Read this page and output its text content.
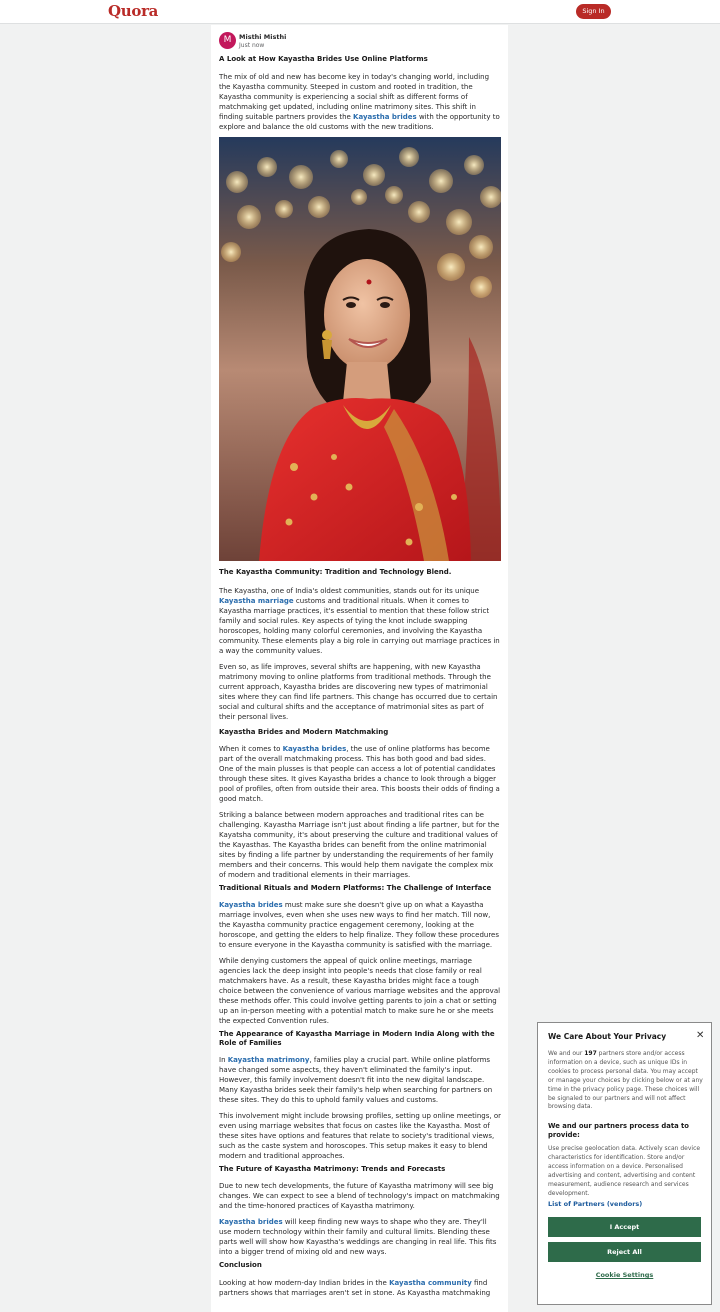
Quora	Sign In
M	Misthi Misthi
Just now
A Look at How Kayastha Brides Use Online Platforms

The mix of old and new has become key in today's changing world, including the Kayastha community. Steeped in custom and rooted in tradition, the Kayastha community is experiencing a social shift as different forms of matchmaking get updated, including online matrimony sites. This shift in finding suitable partners provides the Kayastha brides with the opportunity to explore and balance the old customs with the new traditions.

The Kayastha Community: Tradition and Technology Blend.

The Kayastha, one of India's oldest communities, stands out for its unique Kayastha marriage customs and traditional rituals. When it comes to Kayastha marriage practices, it's essential to mention that these follow strict family and social rules. Key aspects of tying the knot include swapping horoscopes, holding many colorful ceremonies, and involving the Kayastha community. These elements play a big role in carrying out marriage practices in a way the community values.

Even so, as life improves, several shifts are happening, with new Kayastha matrimony moving to online platforms from traditional methods. Through the current approach, Kayastha brides are discovering new types of matrimonial sites where they can find life partners. This change has occurred due to certain social and cultural shifts and the acceptance of matrimonial sites as part of their personal lives.

Kayastha Brides and Modern Matchmaking

When it comes to Kayastha brides, the use of online platforms has become part of the overall matchmaking process. This has both good and bad sides. One of the main plusses is that people can access a lot of potential candidates through these sites. It gives Kayastha brides a chance to look through a bigger pool of profiles, often from outside their area. This boosts their odds of finding a good match.

Striking a balance between modern approaches and traditional rites can be challenging. Kayastha Marriage isn't just about finding a life partner, but for the Kayatsha community, it's about preserving the culture and traditional values of the Kayasthas. The Kayastha brides can benefit from the online matrimonial sites by finding a life partner by understanding the requirements of her family members and their concerns. This would help them navigate the complex mix of modern and traditional elements in their marriages.

Traditional Rituals and Modern Platforms: The Challenge of Interface

Kayastha brides must make sure she doesn't give up on what a Kayastha marriage involves, even when she uses new ways to find her match. Till now, the Kayastha community practice engagement ceremony, looking at the horoscope, and getting the elders to help finalize. They follow these procedures to ensure everyone in the Kayastha community is satisfied with the marriage.

While denying customers the appeal of quick online meetings, marriage agencies lack the deep insight into people's needs that close family or real matchmakers have. As a result, these Kayastha brides might face a tough choice between the convenience of various marriage websites and the approval these methods offer. This could involve getting parents to join a chat or setting up an in-person meeting with a potential match to make sure he or she meets the expected Convention rules.

The Appearance of Kayastha Marriage in Modern India Along with the Role of Families

In Kayastha matrimony, families play a crucial part. While online platforms have changed some aspects, they haven't eliminated the family's input. However, this family involvement doesn't fit into the new digital landscape. Many Kayastha brides seek their family's help when searching for partners on these sites. They do this to uphold family values and customs.

This involvement might include browsing profiles, setting up online meetings, or even using marriage websites that focus on castes like the Kayastha. Most of these sites have options and features that relate to society's traditional views, such as the caste system and horoscopes. This setup makes it easy to blend modern and traditional approaches.

The Future of Kayastha Matrimony: Trends and Forecasts

Due to new tech developments, the future of Kayastha matrimony will see big changes. We can expect to see a blend of technology's impact on matchmaking and the time-honored practices of Kayastha matrimony.

Kayastha brides will keep finding new ways to shape who they are. They'll use modern technology within their family and cultural limits. Blending these parts well will show how Kayastha's weddings are changing in real life. This fits into a bigger trend of mixing old and new ways.

Conclusion

Looking at how modern-day Indian brides in the Kayastha community find partners shows that marriages aren't set in stone. As Kayastha matchmaking

We Care About Your Privacy	✕
We and our 197 partners store and/or access information on a device, such as unique IDs in cookies to process personal data. You may accept or manage your choices by clicking below or at any time in the privacy policy page. These choices will be signaled to our partners and will not affect browsing data.
We and our partners process data to provide:
Use precise geolocation data. Actively scan device characteristics for identification. Store and/or access information on a device. Personalised advertising and content, advertising and content measurement, audience research and services development.
List of Partners (vendors)
I Accept
Reject All
Cookie Settings
